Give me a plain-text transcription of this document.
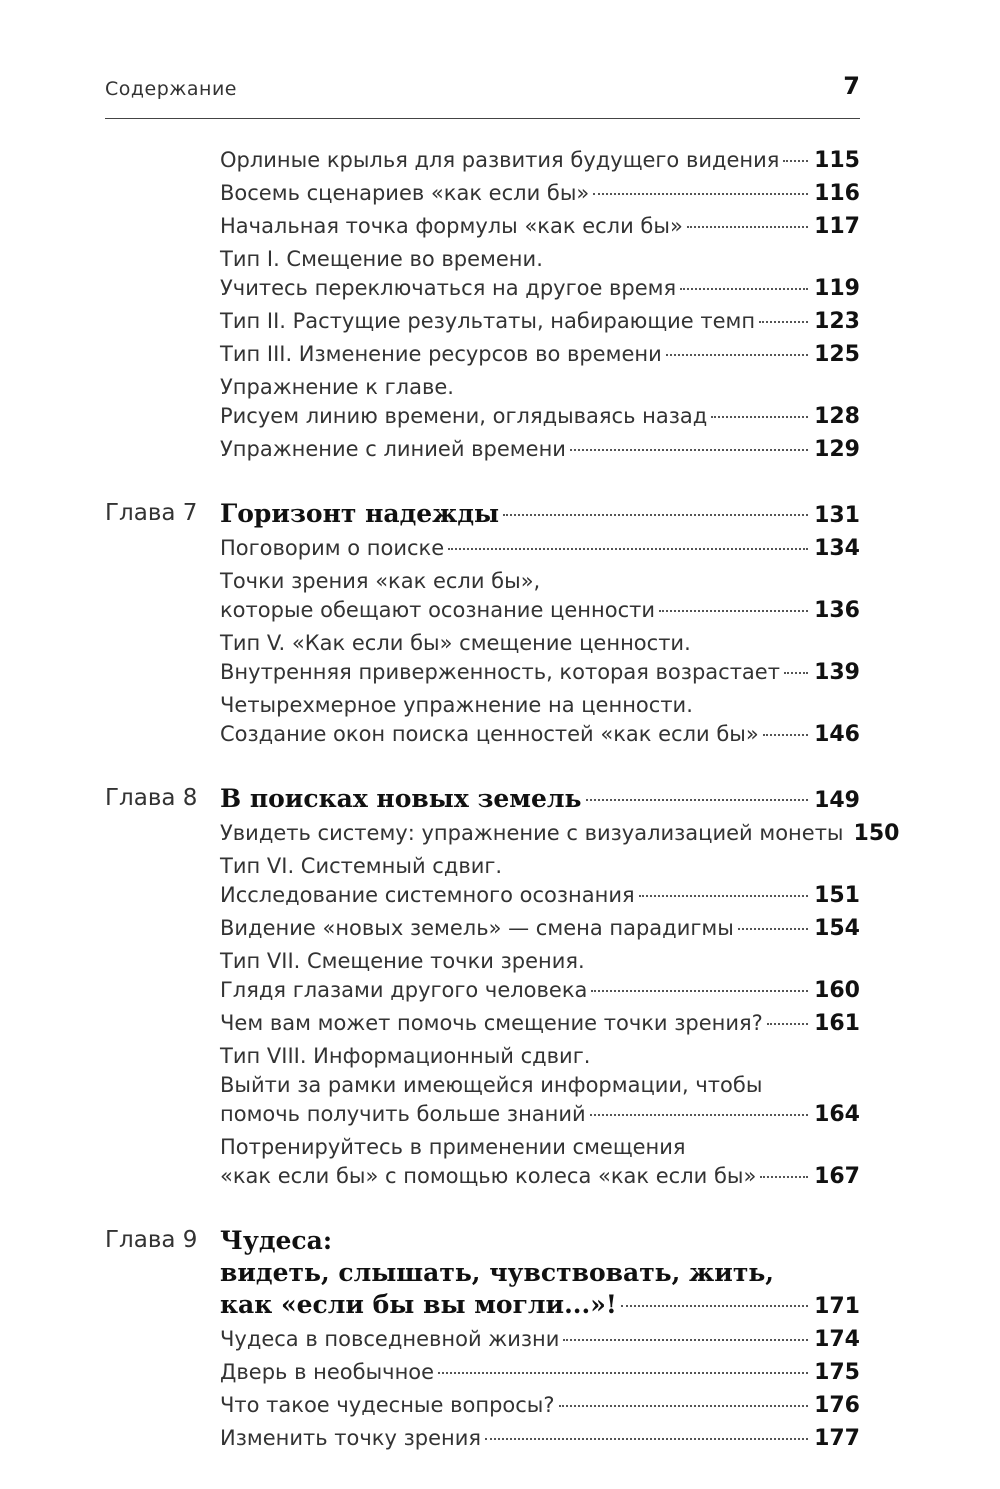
Содержание	7
Орлиные крылья для развития будущего видения 115
Восемь сценариев «как если бы»	116
Начальная точка формулы «как если бы»	117
Тип I. Смещение во времени.
Учитесь переключаться на другое время	119
Тип II. Растущие результаты, набирающие темп	123
Тип III. Изменение ресурсов во времени	125
Упражнение к главе.
Рисуем линию времени, оглядываясь назад	128
Упражнение с линией времени	129
Глава 7 Горизонт надежды	131
Поговорим о поиске	134
Точки зрения «как если бы»,
которые обещают осознание ценности	136
Тип V. «Как если бы» смещение ценности.
Внутренняя приверженность, которая возрастает 139
Четырехмерное упражнение на ценности.
Создание окон поиска ценностей «как если бы»	146
Глава 8 В поисках новых земель	149
Увидеть систему: упражнение с визуализацией монеты 150
Тип VI. Системный сдвиг.
Исследование системного осознания	151
Видение «новых земель» — смена парадигмы	154
Тип VII. Смещение точки зрения.
Глядя глазами другого человека	160
Чем вам может помочь смещение точки зрения? 161
Тип VIII. Информационный сдвиг.
Выйти за рамки имеющейся информации, чтобы
помочь получить больше знаний	164
Потренируйтесь в применении смещения
«как если бы» с помощью колеса «как если бы»	167
Глава 9 Чудеса:
видеть, слышать, чувствовать, жить,
как «если бы вы могли...»!	171
Чудеса в повседневной жизни	174
Дверь в необычное	175
Что такое чудесные вопросы?	176
Изменить точку зрения	177
